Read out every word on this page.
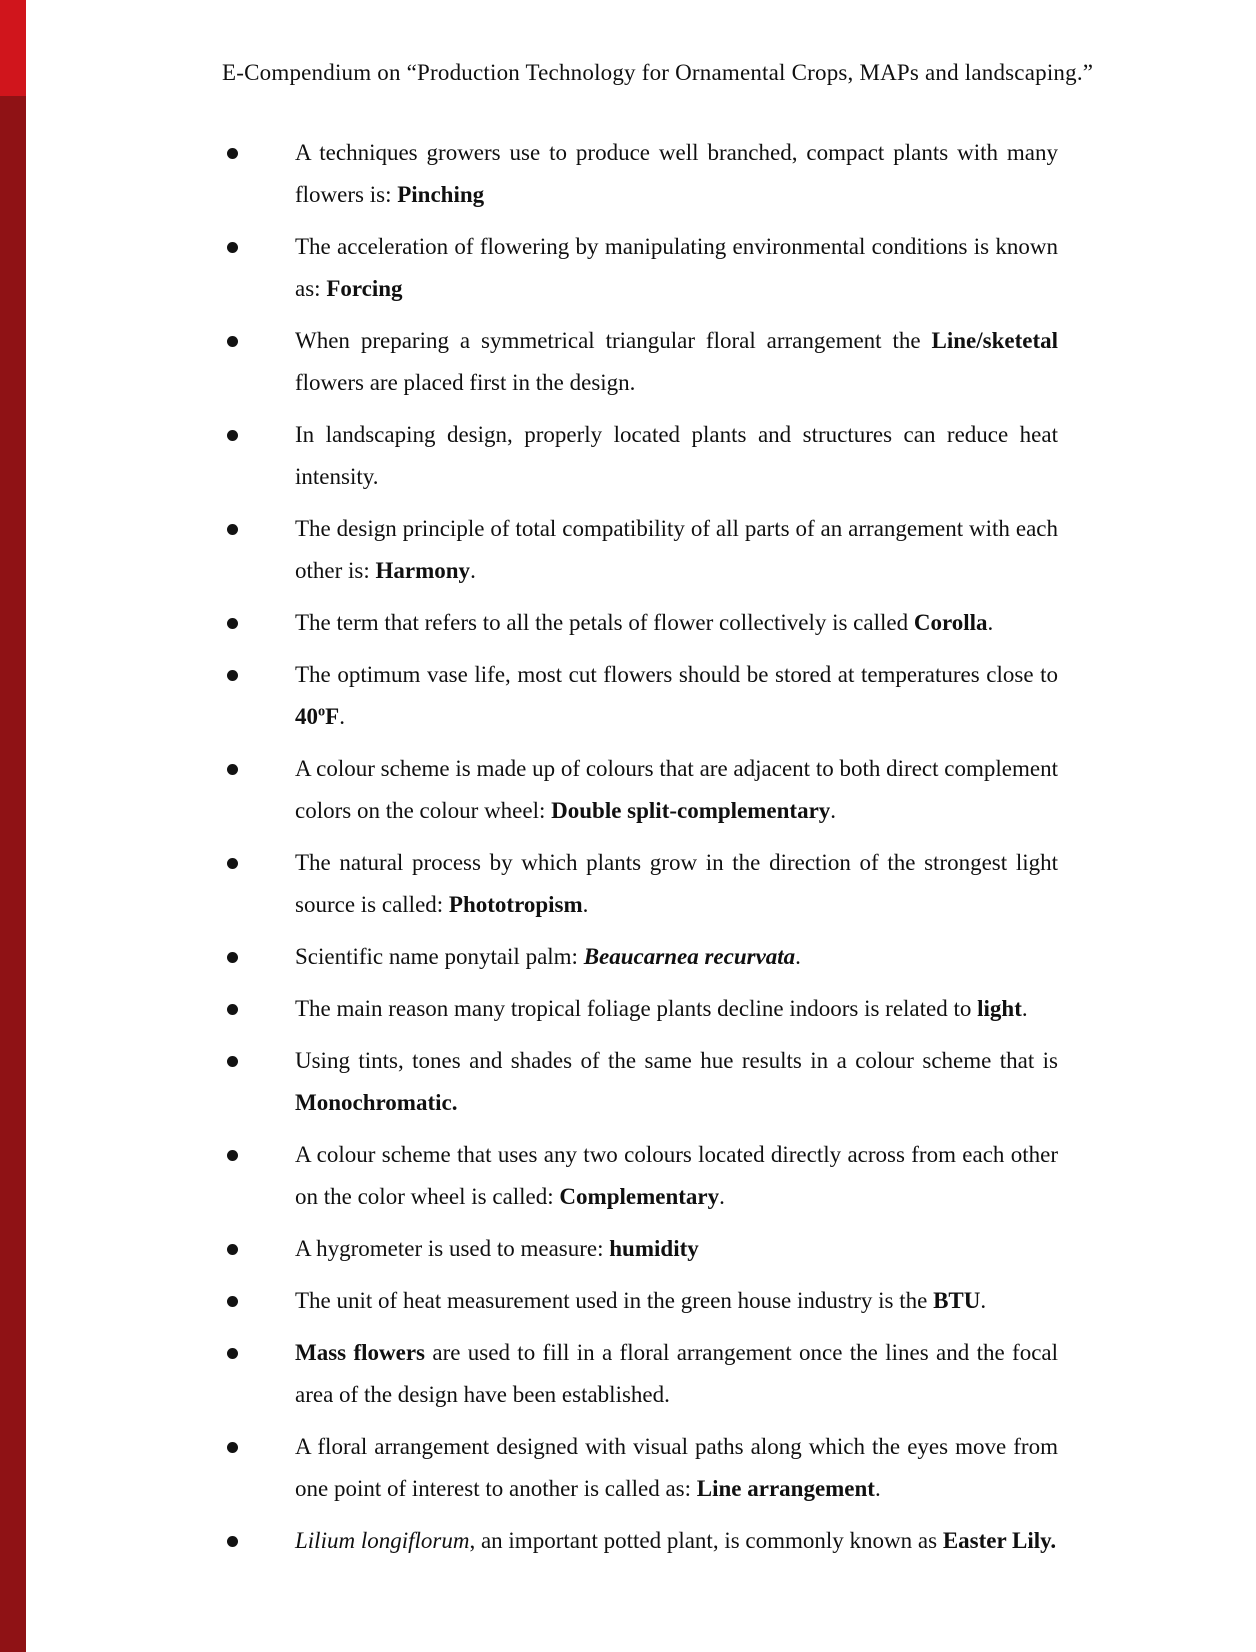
E-Compendium on “Production Technology for Ornamental Crops, MAPs and landscaping.”
A techniques growers use to produce well branched, compact plants with many flowers is: Pinching
The acceleration of flowering by manipulating environmental conditions is known as: Forcing
When preparing a symmetrical triangular floral arrangement the Line/sketetal flowers are placed first in the design.
In landscaping design, properly located plants and structures can reduce heat intensity.
The design principle of total compatibility of all parts of an arrangement with each other is: Harmony.
The term that refers to all the petals of flower collectively is called Corolla.
The optimum vase life, most cut flowers should be stored at temperatures close to 40$^o$F.
A colour scheme is made up of colours that are adjacent to both direct complement colors on the colour wheel: Double split-complementary.
The natural process by which plants grow in the direction of the strongest light source is called: Phototropism.
Scientific name ponytail palm: Beaucarnea recurvata.
The main reason many tropical foliage plants decline indoors is related to light.
Using tints, tones and shades of the same hue results in a colour scheme that is Monochromatic.
A colour scheme that uses any two colours located directly across from each other on the color wheel is called: Complementary.
A hygrometer is used to measure: humidity
The unit of heat measurement used in the green house industry is the BTU.
Mass flowers are used to fill in a floral arrangement once the lines and the focal area of the design have been established.
A floral arrangement designed with visual paths along which the eyes move from one point of interest to another is called as: Line arrangement.
Lilium longiflorum, an important potted plant, is commonly known as Easter Lily.
